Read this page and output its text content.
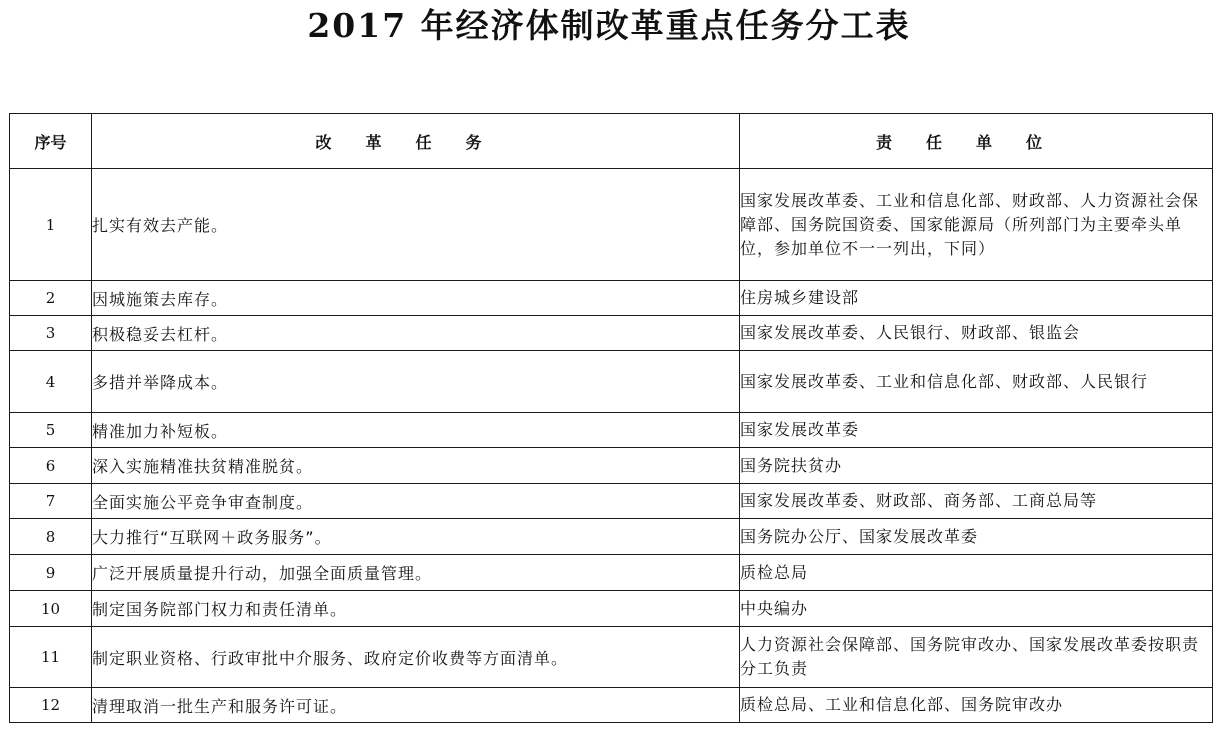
2017 年经济体制改革重点任务分工表
序号	改革任务	责任单位
1	扎实有效去产能。	国家发展改革委、工业和信息化部、财政部、人力资源社会保障部、国务院国资委、国家能源局（所列部门为主要牵头单位，参加单位不一一列出，下同）
2	因城施策去库存。	住房城乡建设部
3	积极稳妥去杠杆。	国家发展改革委、人民银行、财政部、银监会
4	多措并举降成本。	国家发展改革委、工业和信息化部、财政部、人民银行
5	精准加力补短板。	国家发展改革委
6	深入实施精准扶贫精准脱贫。	国务院扶贫办
7	全面实施公平竞争审查制度。	国家发展改革委、财政部、商务部、工商总局等
8	大力推行“互联网＋政务服务”。	国务院办公厅、国家发展改革委
9	广泛开展质量提升行动，加强全面质量管理。	质检总局
10	制定国务院部门权力和责任清单。	中央编办
11	制定职业资格、行政审批中介服务、政府定价收费等方面清单。	人力资源社会保障部、国务院审改办、国家发展改革委按职责分工负责
12	清理取消一批生产和服务许可证。	质检总局、工业和信息化部、国务院审改办
